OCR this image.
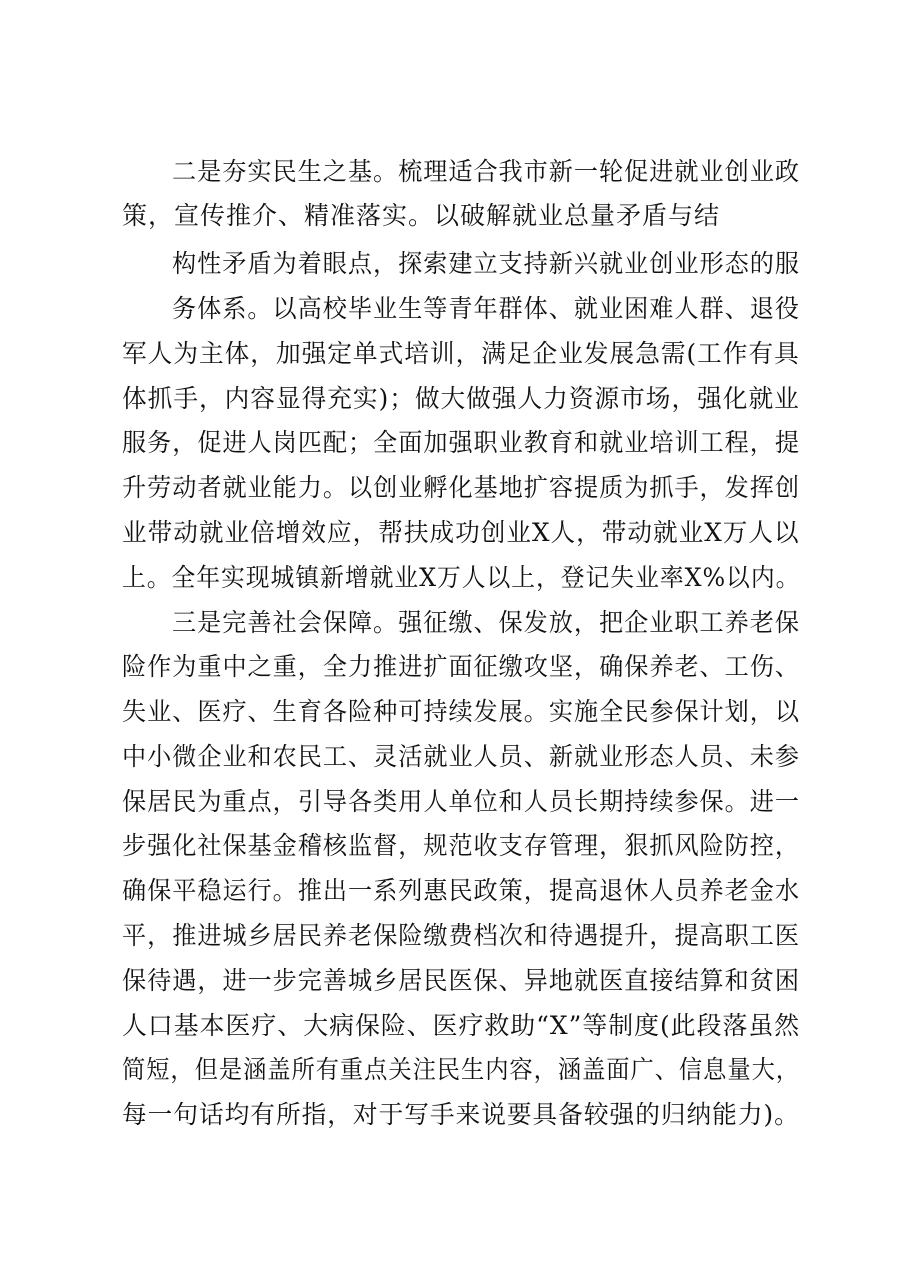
二是夯实民生之基。梳理适合我市新一轮促进就业创业政
策，宣传推介、精准落实。以破解就业总量矛盾与结
构性矛盾为着眼点，探索建立支持新兴就业创业形态的服
务体系。以高校毕业生等青年群体、就业困难人群、退役
军人为主体，加强定单式培训，满足企业发展急需(工作有具
体抓手，内容显得充实)；做大做强人力资源市场，强化就业
服务，促进人岗匹配；全面加强职业教育和就业培训工程，提
升劳动者就业能力。以创业孵化基地扩容提质为抓手，发挥创
业带动就业倍增效应，帮扶成功创业X人，带动就业X万人以
上。全年实现城镇新增就业X万人以上，登记失业率X%以内。
三是完善社会保障。强征缴、保发放，把企业职工养老保
险作为重中之重，全力推进扩面征缴攻坚，确保养老、工伤、
失业、医疗、生育各险种可持续发展。实施全民参保计划，以
中小微企业和农民工、灵活就业人员、新就业形态人员、未参
保居民为重点，引导各类用人单位和人员长期持续参保。进一
步强化社保基金稽核监督，规范收支存管理，狠抓风险防控，
确保平稳运行。推出一系列惠民政策，提高退休人员养老金水
平，推进城乡居民养老保险缴费档次和待遇提升，提高职工医
保待遇，进一步完善城乡居民医保、异地就医直接结算和贫困
人口基本医疗、大病保险、医疗救助“X”等制度(此段落虽然
简短，但是涵盖所有重点关注民生内容，涵盖面广、信息量大，
每一句话均有所指，对于写手来说要具备较强的归纳能力)。
